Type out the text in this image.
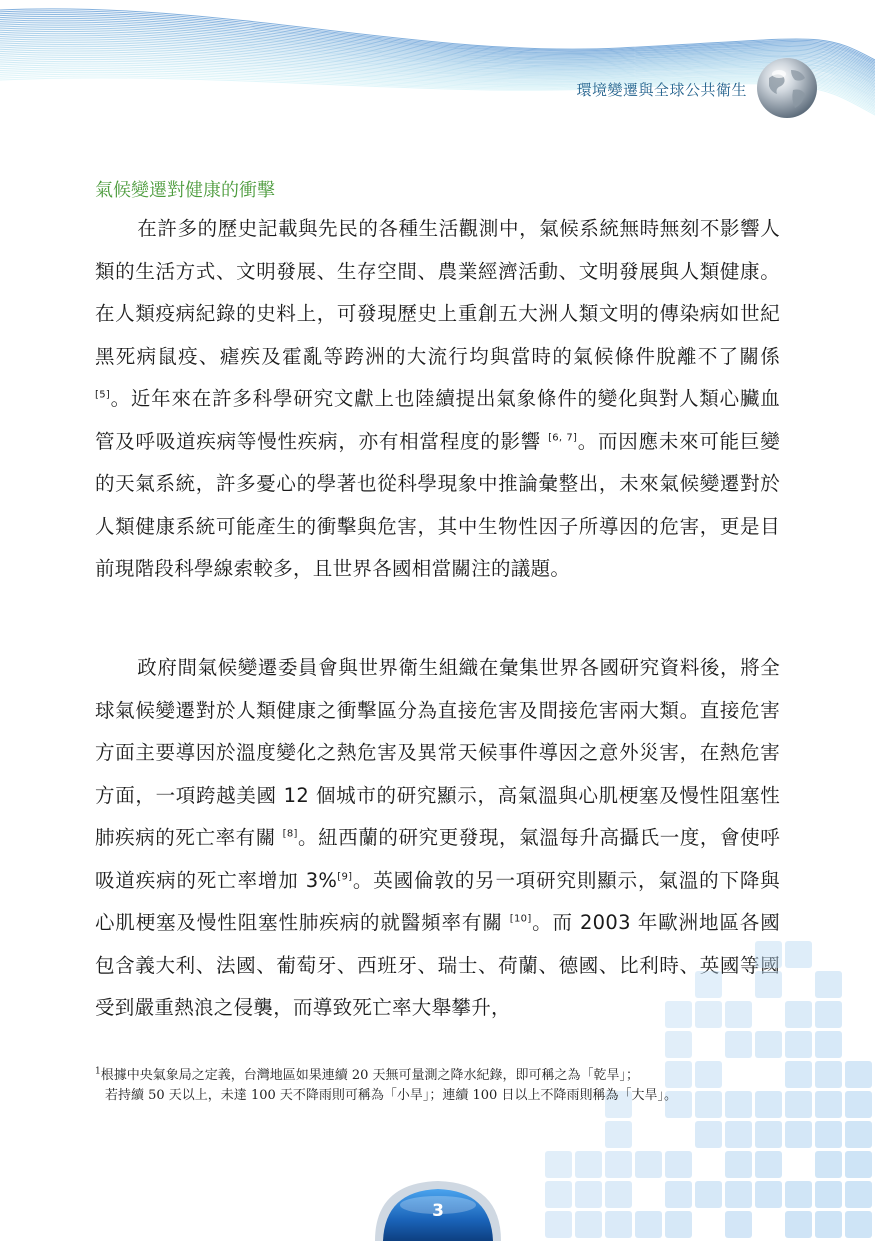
環境變遷與全球公共衛生
氣候變遷對健康的衝擊

在許多的歷史記載與先民的各種生活觀測中，氣候系統無時無刻不影響人類的生活方式、文明發展、生存空間、農業經濟活動、文明發展與人類健康。在人類疫病紀錄的史料上，可發現歷史上重創五大洲人類文明的傳染病如世紀黑死病鼠疫、瘧疾及霍亂等跨洲的大流行均與當時的氣候條件脫離不了關係 [5]。近年來在許多科學研究文獻上也陸續提出氣象條件的變化與對人類心臟血管及呼吸道疾病等慢性疾病，亦有相當程度的影響 [6, 7]。而因應未來可能巨變的天氣系統，許多憂心的學著也從科學現象中推論彙整出，未來氣候變遷對於人類健康系統可能產生的衝擊與危害，其中生物性因子所導因的危害，更是目前現階段科學線索較多，且世界各國相當關注的議題。

政府間氣候變遷委員會與世界衛生組織在彙集世界各國研究資料後，將全球氣候變遷對於人類健康之衝擊區分為直接危害及間接危害兩大類。直接危害方面主要導因於溫度變化之熱危害及異常天候事件導因之意外災害，在熱危害方面，一項跨越美國 12 個城市的研究顯示，高氣溫與心肌梗塞及慢性阻塞性肺疾病的死亡率有關 [8]。紐西蘭的研究更發現，氣溫每升高攝氏一度，會使呼吸道疾病的死亡率增加 3%[9]。英國倫敦的另一項研究則顯示，氣溫的下降與心肌梗塞及慢性阻塞性肺疾病的就醫頻率有關 [10]。而 2003 年歐洲地區各國包含義大利、法國、葡萄牙、西班牙、瑞士、荷蘭、德國、比利時、英國等國受到嚴重熱浪之侵襲，而導致死亡率大舉攀升，

$^1$根據中央氣象局之定義，台灣地區如果連續 20 天無可量測之降水紀錄，即可稱之為「乾旱」；
若持續 50 天以上，未達 100 天不降雨則可稱為「小旱」；連續 100 日以上不降雨則稱為「大旱」。
3
